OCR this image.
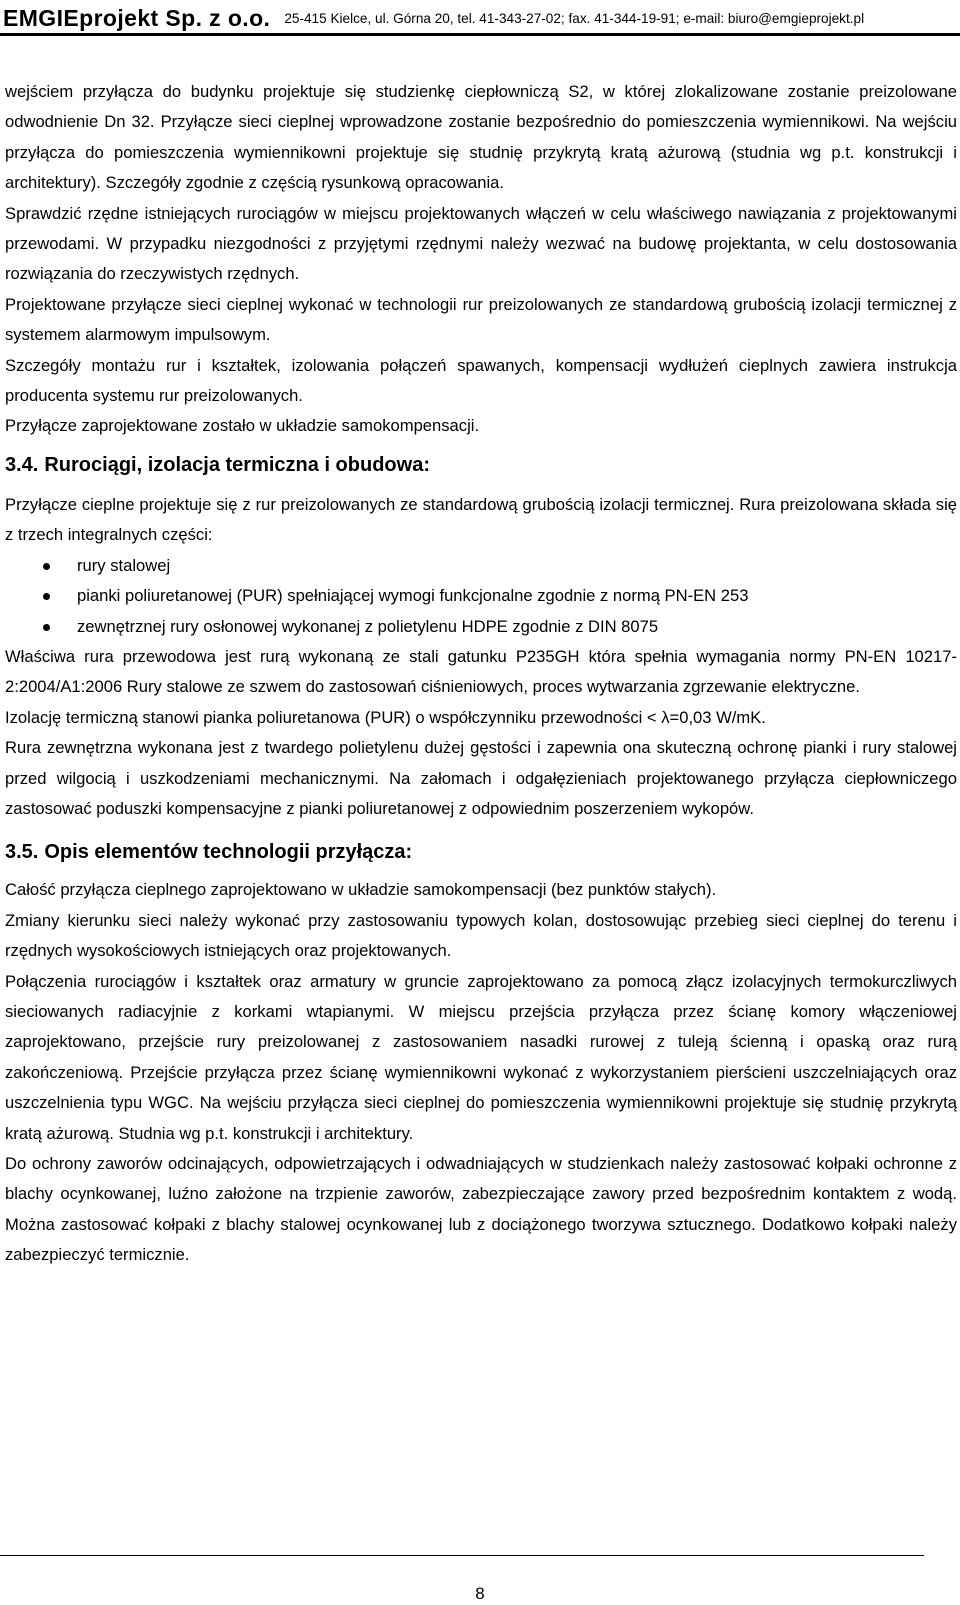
EMGIEprojekt Sp. z o.o. 25-415 Kielce, ul. Górna 20, tel. 41-343-27-02; fax. 41-344-19-91; e-mail: biuro@emgieprojekt.pl

wejściem przyłącza do budynku projektuje się studzienkę ciepłowniczą S2, w której zlokalizowane zostanie preizolowane odwodnienie Dn 32. Przyłącze sieci cieplnej wprowadzone zostanie bezpośrednio do pomieszczenia wymiennikowi. Na wejściu przyłącza do pomieszczenia wymiennikowni projektuje się studnię przykrytą kratą ażurową (studnia wg p.t. konstrukcji i architektury). Szczegóły zgodnie z częścią rysunkową opracowania.

Sprawdzić rzędne istniejących rurociągów w miejscu projektowanych włączeń w celu właściwego nawiązania z projektowanymi przewodami. W przypadku niezgodności z przyjętymi rzędnymi należy wezwać na budowę projektanta, w celu dostosowania rozwiązania do rzeczywistych rzędnych.

Projektowane przyłącze sieci cieplnej wykonać w technologii rur preizolowanych ze standardową grubością izolacji termicznej z systemem alarmowym impulsowym.

Szczegóły montażu rur i kształtek, izolowania połączeń spawanych, kompensacji wydłużeń cieplnych zawiera instrukcja producenta systemu rur preizolowanych.

Przyłącze zaprojektowane zostało w układzie samokompensacji.

3.4. Rurociągi, izolacja termiczna i obudowa:

Przyłącze cieplne projektuje się z rur preizolowanych ze standardową grubością izolacji termicznej. Rura preizolowana składa się z trzech integralnych części:

rury stalowej
pianki poliuretanowej (PUR) spełniającej wymogi funkcjonalne zgodnie z normą PN-EN 253
zewnętrznej rury osłonowej wykonanej z polietylenu HDPE zgodnie z DIN 8075

Właściwa rura przewodowa jest rurą wykonaną ze stali gatunku P235GH która spełnia wymagania normy PN-EN 10217-2:2004/A1:2006 Rury stalowe ze szwem do zastosowań ciśnieniowych, proces wytwarzania zgrzewanie elektryczne.

Izolację termiczną stanowi pianka poliuretanowa (PUR) o współczynniku przewodności < λ=0,03 W/mK.

Rura zewnętrzna wykonana jest z twardego polietylenu dużej gęstości i zapewnia ona skuteczną ochronę pianki i rury stalowej przed wilgocią i uszkodzeniami mechanicznymi. Na załomach i odgałęzieniach projektowanego przyłącza ciepłowniczego zastosować poduszki kompensacyjne z pianki poliuretanowej z odpowiednim poszerzeniem wykopów.

3.5. Opis elementów technologii przyłącza:

Całość przyłącza cieplnego zaprojektowano w układzie samokompensacji (bez punktów stałych).

Zmiany kierunku sieci należy wykonać przy zastosowaniu typowych kolan, dostosowując przebieg sieci cieplnej do terenu i rzędnych wysokościowych istniejących oraz projektowanych.

Połączenia rurociągów i kształtek oraz armatury w gruncie zaprojektowano za pomocą złącz izolacyjnych termokurczliwych sieciowanych radiacyjnie z korkami wtapianymi. W miejscu przejścia przyłącza przez ścianę komory włączeniowej zaprojektowano, przejście rury preizolowanej z zastosowaniem nasadki rurowej z tuleją ścienną i opaską oraz rurą zakończeniową. Przejście przyłącza przez ścianę wymiennikowni wykonać z wykorzystaniem pierścieni uszczelniających oraz uszczelnienia typu WGC. Na wejściu przyłącza sieci cieplnej do pomieszczenia wymiennikowni projektuje się studnię przykrytą kratą ażurową. Studnia wg p.t. konstrukcji i architektury.

Do ochrony zaworów odcinających, odpowietrzających i odwadniających w studzienkach należy zastosować kołpaki ochronne z blachy ocynkowanej, luźno założone na trzpienie zaworów, zabezpieczające zawory przed bezpośrednim kontaktem z wodą. Można zastosować kołpaki z blachy stalowej ocynkowanej lub z dociążonego tworzywa sztucznego. Dodatkowo kołpaki należy zabezpieczyć termicznie.

8
